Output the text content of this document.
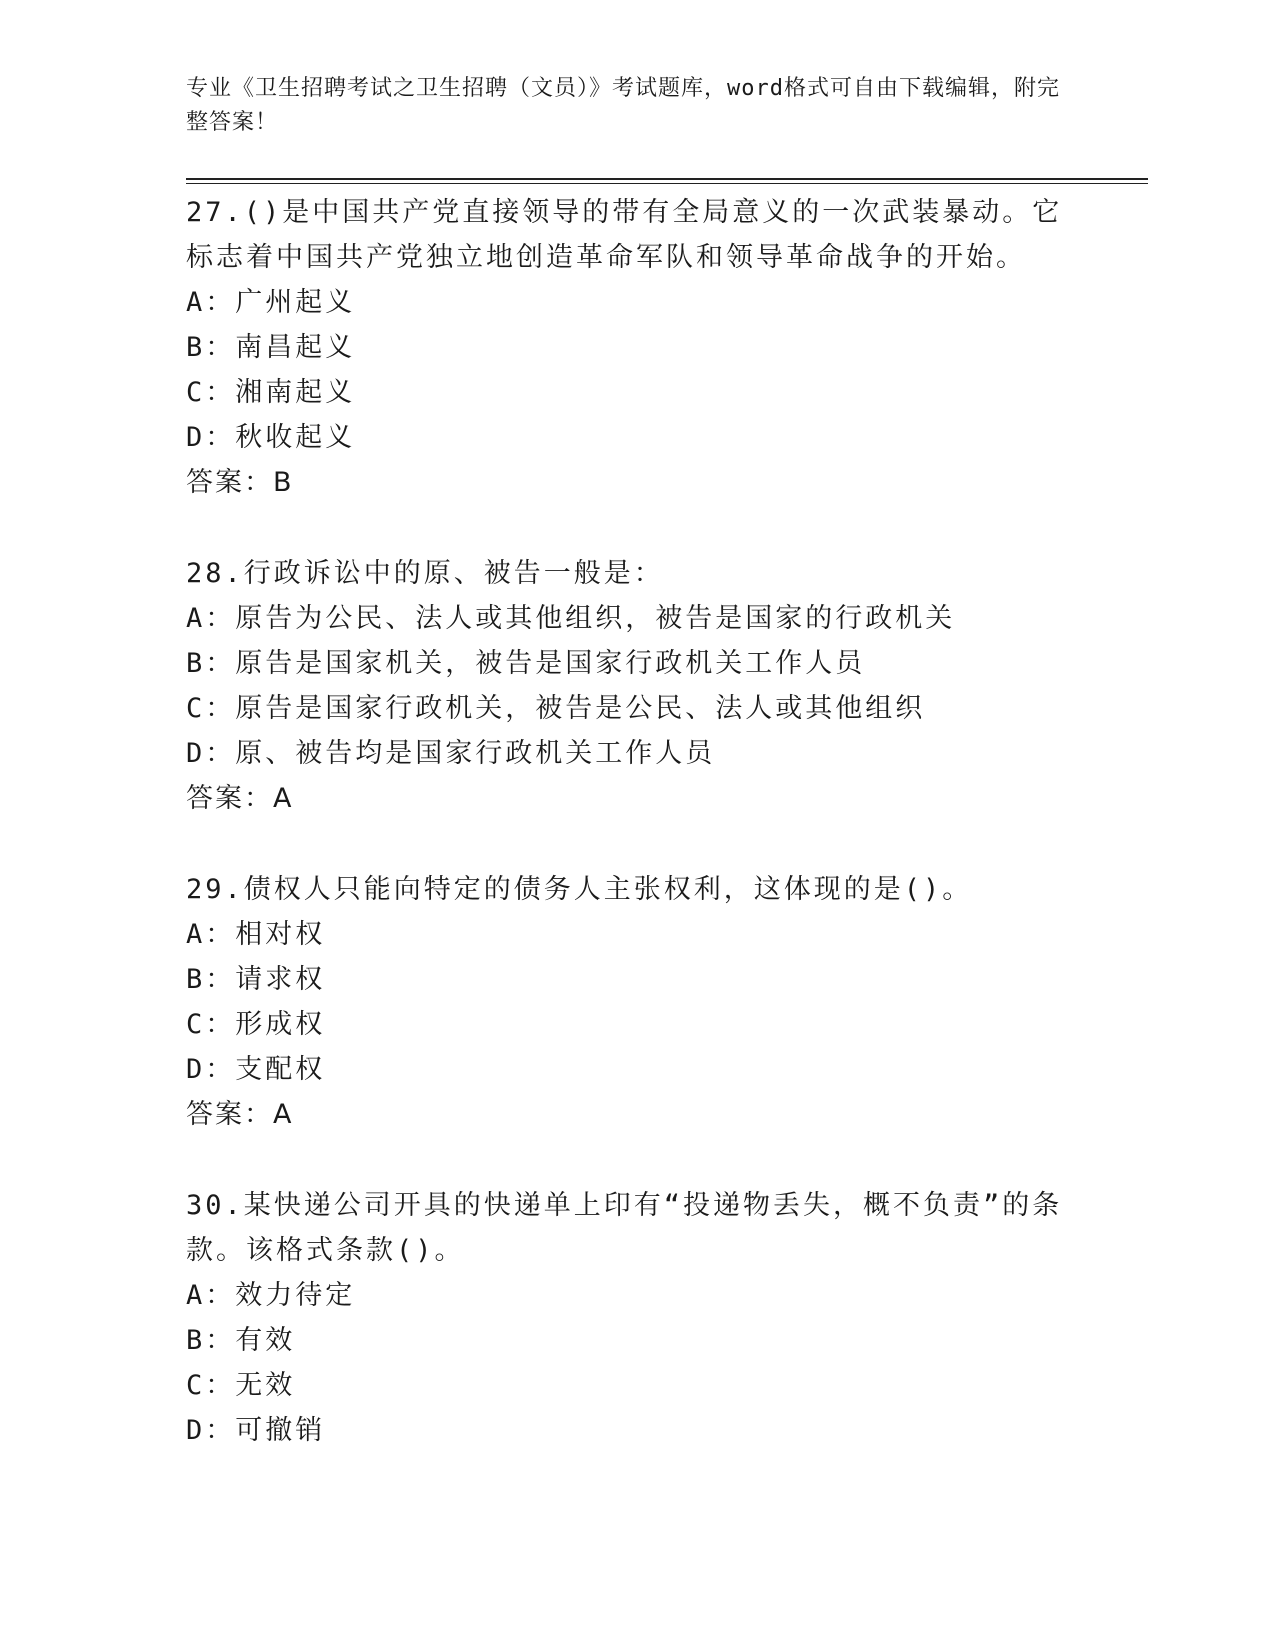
专业《卫生招聘考试之卫生招聘（文员）》考试题库，word格式可自由下载编辑，附完整答案！
27.()是中国共产党直接领导的带有全局意义的一次武装暴动。它标志着中国共产党独立地创造革命军队和领导革命战争的开始。
A：广州起义
B：南昌起义
C：湘南起义
D：秋收起义
答案：B
28.行政诉讼中的原、被告一般是：
A：原告为公民、法人或其他组织，被告是国家的行政机关
B：原告是国家机关，被告是国家行政机关工作人员
C：原告是国家行政机关，被告是公民、法人或其他组织
D：原、被告均是国家行政机关工作人员
答案：A
29.债权人只能向特定的债务人主张权利，这体现的是()。
A：相对权
B：请求权
C：形成权
D：支配权
答案：A
30.某快递公司开具的快递单上印有“投递物丢失，概不负责”的条款。该格式条款()。
A：效力待定
B：有效
C：无效
D：可撤销
